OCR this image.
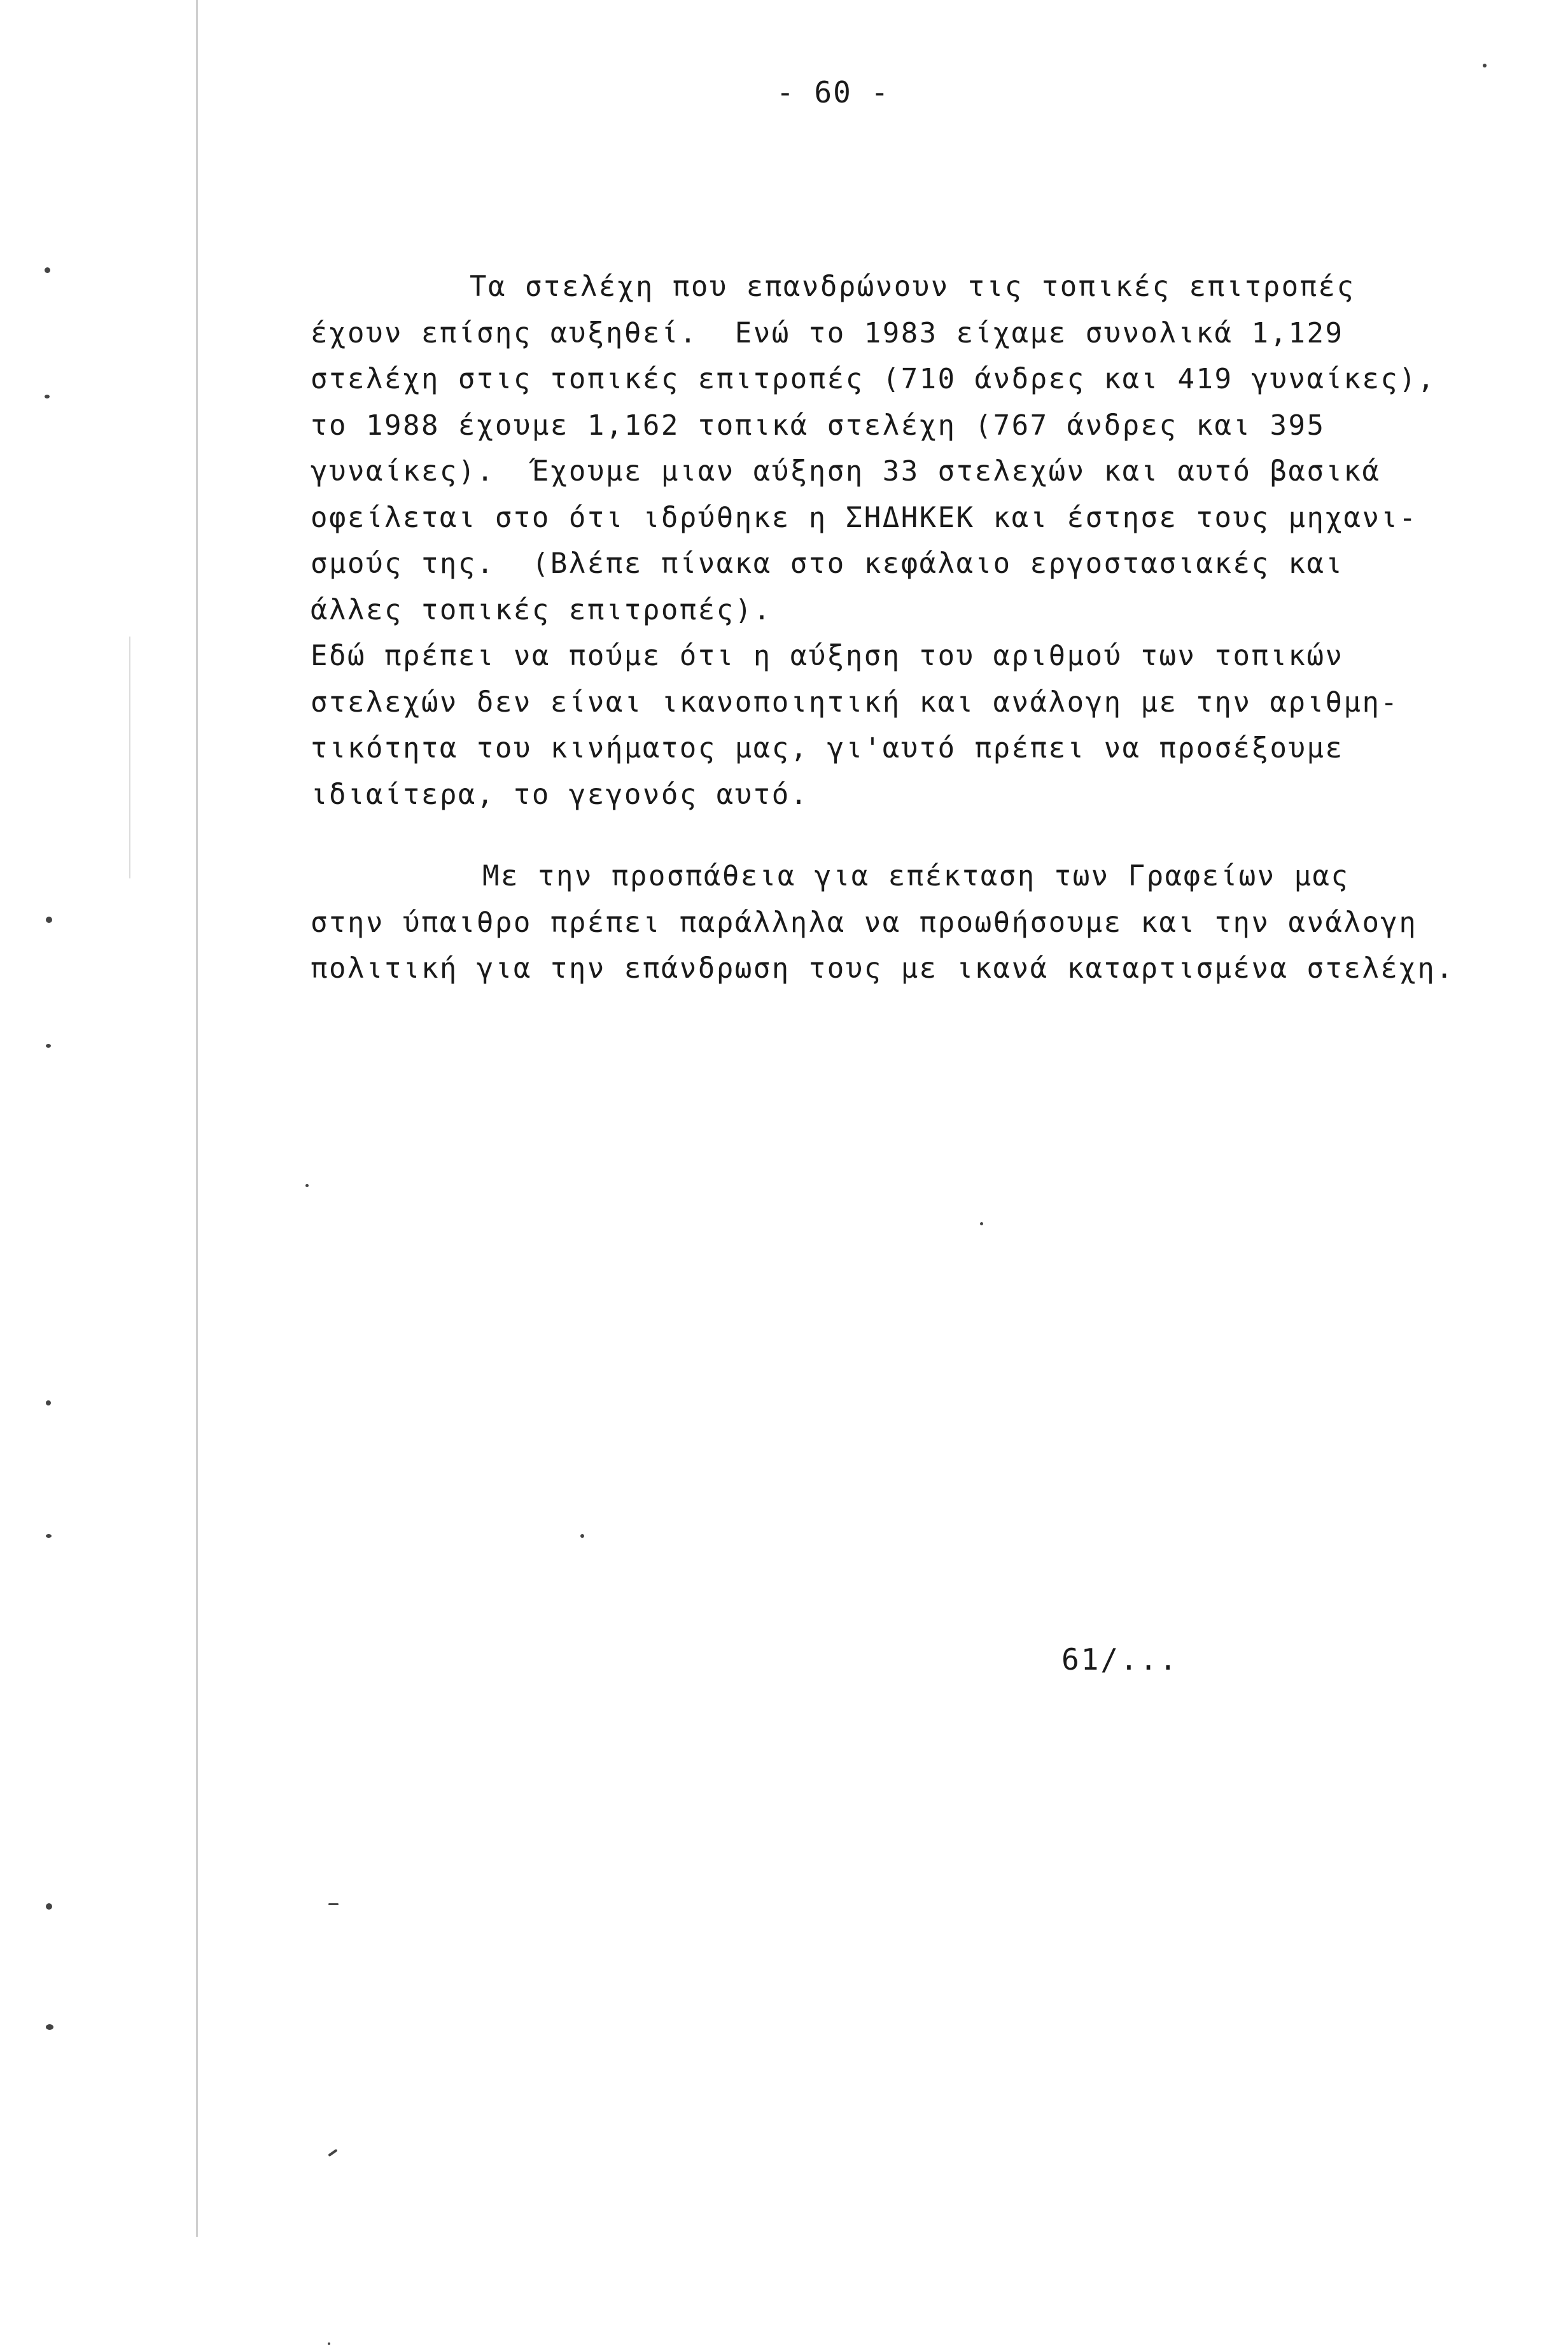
- 60 -
Τα στελέχη που επανδρώνουν τις τοπικές επιτροπές
έχουν επίσης αυξηθεί.  Ενώ το 1983 είχαμε συνολικά 1,129
στελέχη στις τοπικές επιτροπές (710 άνδρες και 419 γυναίκες),
το 1988 έχουμε 1,162 τοπικά στελέχη (767 άνδρες και 395
γυναίκες).  Έχουμε μιαν αύξηση 33 στελεχών και αυτό βασικά
οφείλεται στο ότι ιδρύθηκε η ΣΗΔΗΚΕΚ και έστησε τους μηχανι-
σμούς της.  (Βλέπε πίνακα στο κεφάλαιο εργοστασιακές και
άλλες τοπικές επιτροπές).
Εδώ πρέπει να πούμε ότι η αύξηση του αριθμού των τοπικών
στελεχών δεν είναι ικανοποιητική και ανάλογη με την αριθμη-
τικότητα του κινήματος μας, γι'αυτό πρέπει να προσέξουμε
ιδιαίτερα, το γεγονός αυτό.
Με την προσπάθεια για επέκταση των Γραφείων μας
στην ύπαιθρο πρέπει παράλληλα να προωθήσουμε και την ανάλογη
πολιτική για την επάνδρωση τους με ικανά καταρτισμένα στελέχη.
61/...
